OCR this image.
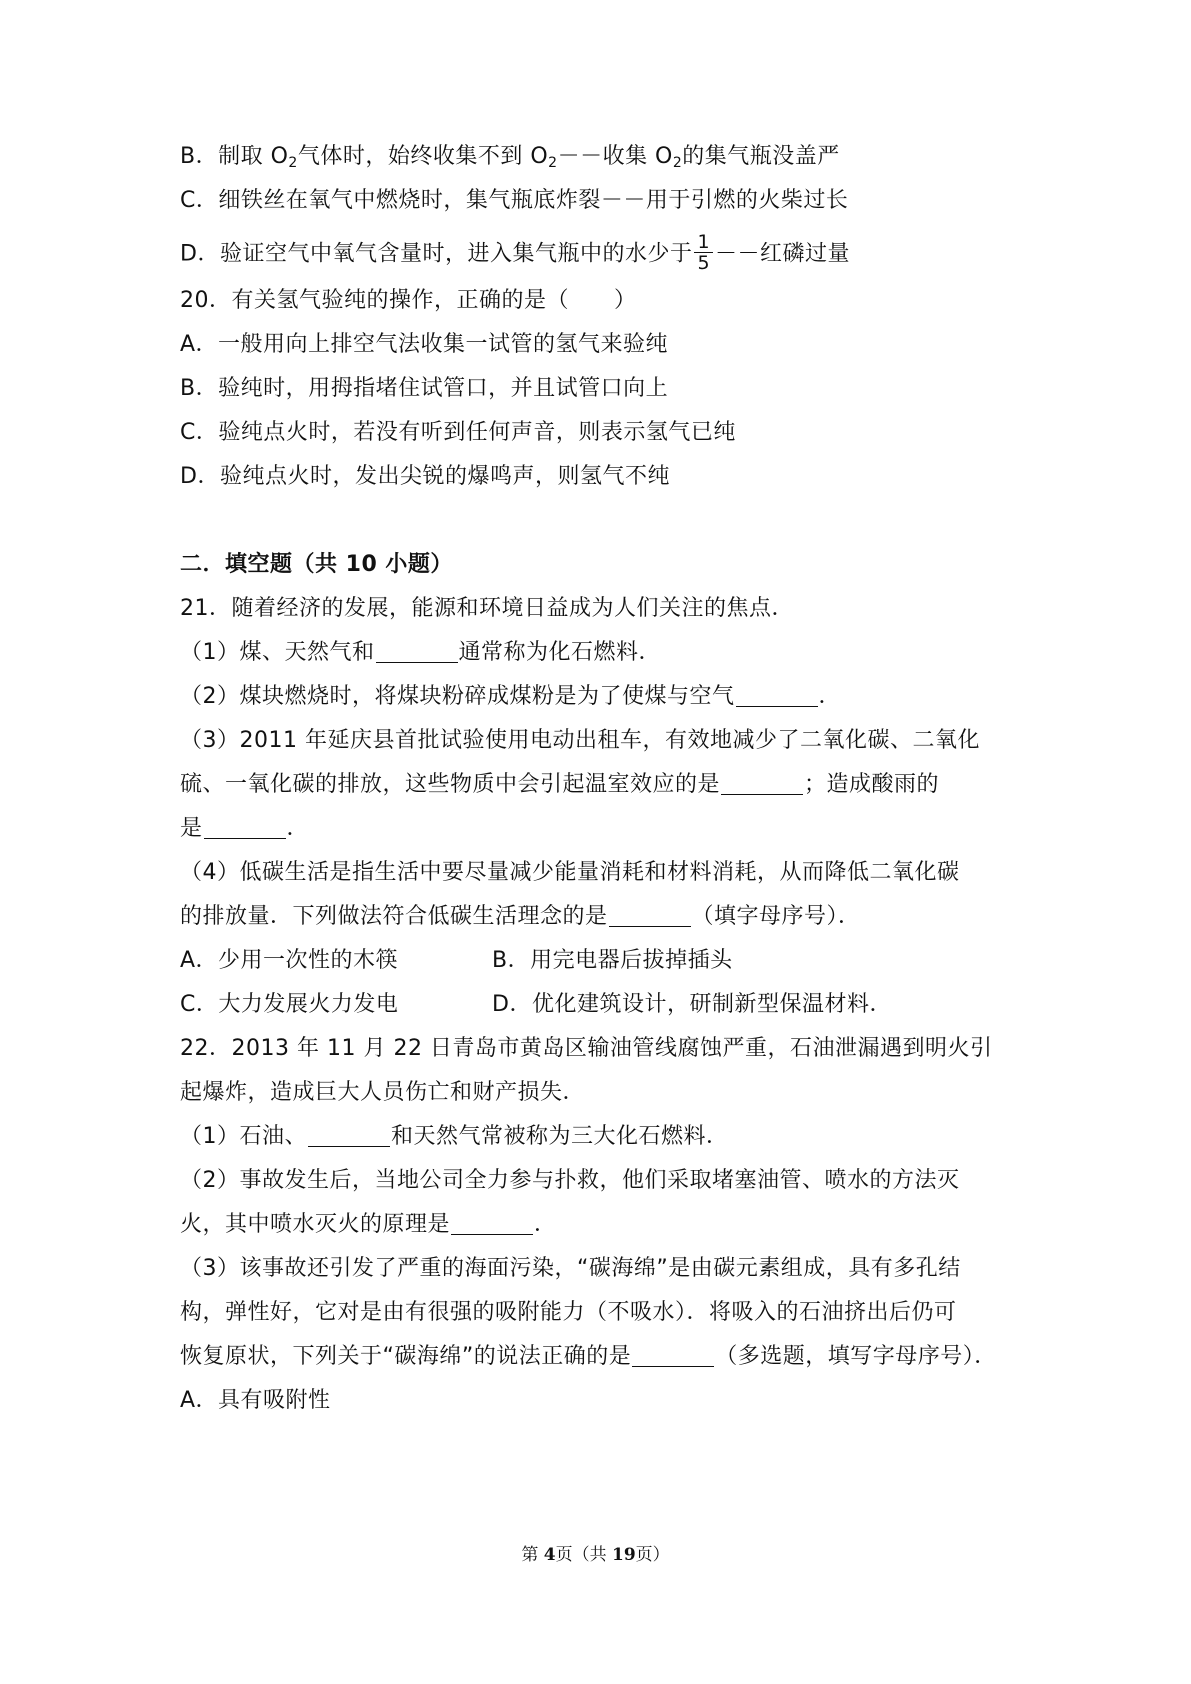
B．制取 $O_2$气体时，始终收集不到 $O_2--$收集 $O_2$的集气瓶没盖严
C．细铁丝在氧气中燃烧时，集气瓶底炸裂－－用于引燃的火柴过长
D．验证空气中氧气含量时，进入集气瓶中的水少于 $\frac{1}{5}$ －－红磷过量
20．有关氢气验纯的操作，正确的是（　　）
A．一般用向上排空气法收集一试管的氢气来验纯
B．验纯时，用拇指堵住试管口，并且试管口向上
C．验纯点火时，若没有听到任何声音，则表示氢气已纯
D．验纯点火时，发出尖锐的爆鸣声，则氢气不纯
二．填空题（共 10 小题）
21．随着经济的发展，能源和环境日益成为人们关注的焦点．
（1）煤、天然气和	通常称为化石燃料．
（2）煤块燃烧时，将煤块粉碎成煤粉是为了使煤与空气	．
（3）2011 年延庆县首批试验使用电动出租车，有效地减少了二氧化碳、二氧化
硫、一氧化碳的排放，这些物质中会引起温室效应的是	；造成酸雨的
是	．
（4）低碳生活是指生活中要尽量减少能量消耗和材料消耗，从而降低二氧化碳
的排放量．下列做法符合低碳生活理念的是	（填字母序号）．
A．少用一次性的木筷	B．用完电器后拔掉插头
C．大力发展火力发电	D．优化建筑设计，研制新型保温材料．
22．2013 年 11 月 22 日青岛市黄岛区输油管线腐蚀严重，石油泄漏遇到明火引
起爆炸，造成巨大人员伤亡和财产损失．
（1）石油、	和天然气常被称为三大化石燃料．
（2）事故发生后，当地公司全力参与扑救，他们采取堵塞油管、喷水的方法灭
火，其中喷水灭火的原理是	．
（3）该事故还引发了严重的海面污染，“碳海绵”是由碳元素组成，具有多孔结
构，弹性好，它对是由有很强的吸附能力（不吸水）．将吸入的石油挤出后仍可
恢复原状，下列关于“碳海绵”的说法正确的是	（多选题，填写字母序号）．
A．具有吸附性
第 4页（共 19页）
